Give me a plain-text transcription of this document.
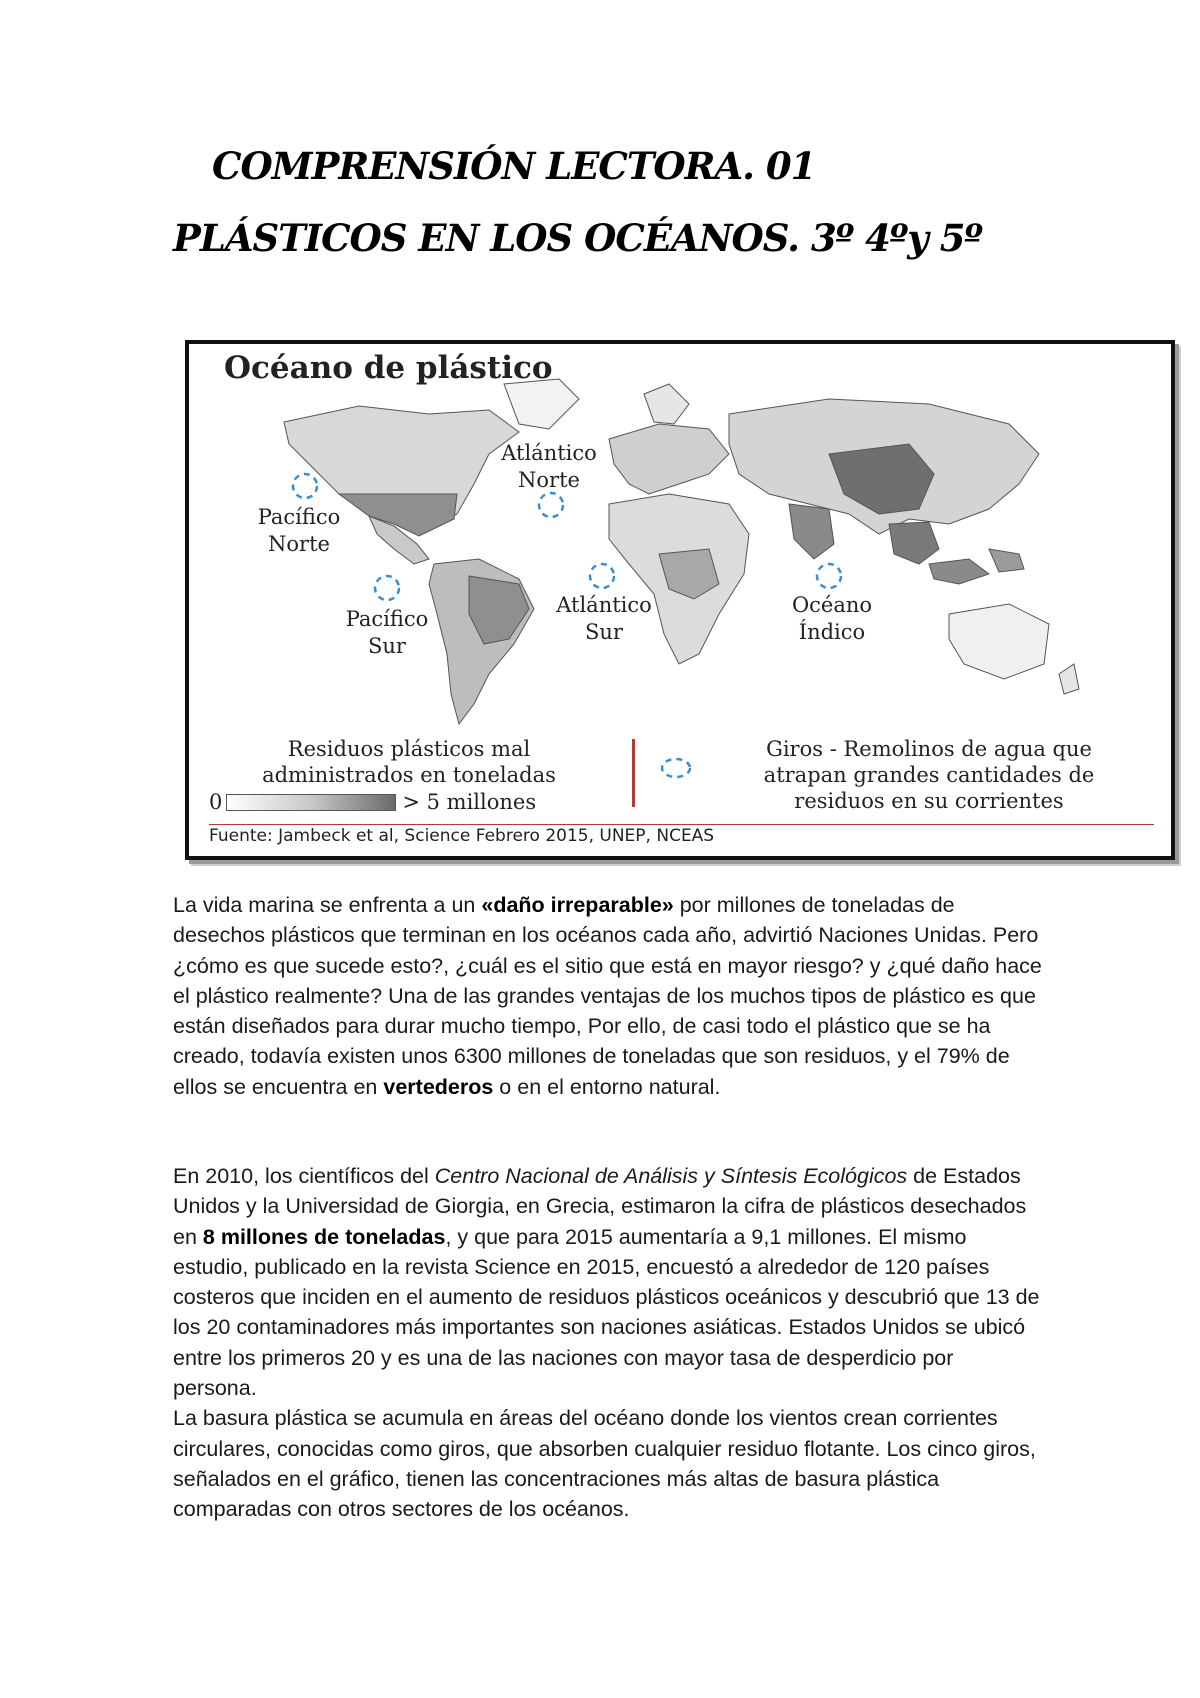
COMPRENSIÓN LECTORA. 01
PLÁSTICOS EN LOS OCÉANOS. 3º 4ºy 5º
Océano de plástico
Pacífico
Norte
Atlántico
Norte
Pacífico
Sur
Atlántico
Sur
Océano
Índico
Residuos plásticos mal
administrados en toneladas
0	> 5 millones
Giros - Remolinos de agua que
atrapan grandes cantidades de
residuos en su corrientes

Fuente: Jambeck et al, Science Febrero 2015, UNEP, NCEAS

La vida marina se enfrenta a un «daño irreparable» por millones de toneladas de desechos plásticos que terminan en los océanos cada año, advirtió Naciones Unidas. Pero ¿cómo es que sucede esto?, ¿cuál es el sitio que está en mayor riesgo? y ¿qué daño hace el plástico realmente? Una de las grandes ventajas de los muchos tipos de plástico es que están diseñados para durar mucho tiempo, Por ello, de casi todo el plástico que se ha creado, todavía existen unos 6300 millones de toneladas que son residuos, y el 79% de ellos se encuentra en vertederos o en el entorno natural.

En 2010, los científicos del Centro Nacional de Análisis y Síntesis Ecológicos de Estados Unidos y la Universidad de Giorgia, en Grecia, estimaron la cifra de plásticos desechados en 8 millones de toneladas, y que para 2015 aumentaría a 9,1 millones. El mismo estudio, publicado en la revista Science en 2015, encuestó a alrededor de 120 países costeros que inciden en el aumento de residuos plásticos oceánicos y descubrió que 13 de los 20 contaminadores más importantes son naciones asiáticas. Estados Unidos se ubicó entre los primeros 20 y es una de las naciones con mayor tasa de desperdicio por persona.
La basura plástica se acumula en áreas del océano donde los vientos crean corrientes circulares, conocidas como giros, que absorben cualquier residuo flotante. Los cinco giros, señalados en el gráfico, tienen las concentraciones más altas de basura plástica comparadas con otros sectores de los océanos.
